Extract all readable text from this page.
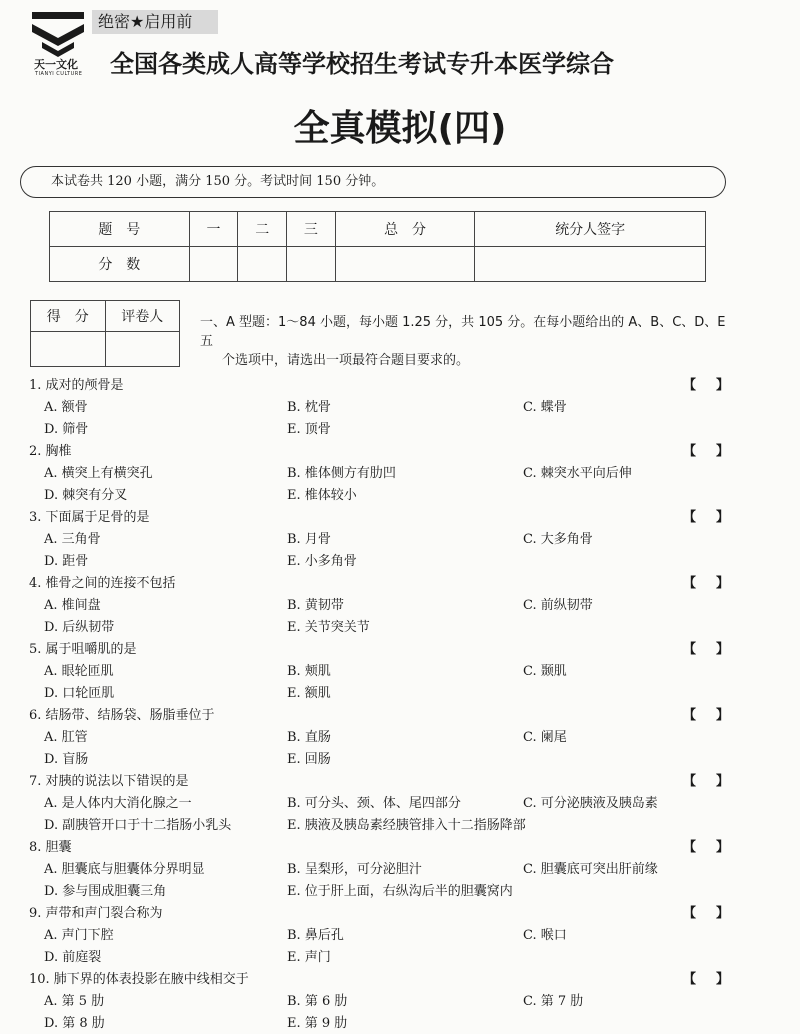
天一文化
TIANYI CULTURE
绝密★启用前
全国各类成人高等学校招生考试专升本医学综合
全真模拟(四)
本试卷共 120 小题，满分 150 分。考试时间 150 分钟。
题　号	一	二	三	总　分	统分人签字
分　数					
得　分	评卷人
		一、A 型题：1～84 小题，每小题 1.25 分，共 105 分。在每小题给出的 A、B、C、D、E 五
个选项中，请选出一项最符合题目要求的。
1. 成对的颅骨是	【 】
A. 额骨	B. 枕骨	C. 蝶骨
D. 筛骨	E. 顶骨
2. 胸椎	【 】
A. 横突上有横突孔	B. 椎体侧方有肋凹	C. 棘突水平向后伸
D. 棘突有分叉	E. 椎体较小
3. 下面属于足骨的是	【 】
A. 三角骨	B. 月骨	C. 大多角骨
D. 距骨	E. 小多角骨
4. 椎骨之间的连接不包括	【 】
A. 椎间盘	B. 黄韧带	C. 前纵韧带
D. 后纵韧带	E. 关节突关节
5. 属于咀嚼肌的是	【 】
A. 眼轮匝肌	B. 颊肌	C. 颞肌
D. 口轮匝肌	E. 额肌
6. 结肠带、结肠袋、肠脂垂位于	【 】
A. 肛管	B. 直肠	C. 阑尾
D. 盲肠	E. 回肠
7. 对胰的说法以下错误的是	【 】
A. 是人体内大消化腺之一	B. 可分头、颈、体、尾四部分	C. 可分泌胰液及胰岛素
D. 副胰管开口于十二指肠小乳头	E. 胰液及胰岛素经胰管排入十二指肠降部
8. 胆囊	【 】
A. 胆囊底与胆囊体分界明显	B. 呈梨形，可分泌胆汁	C. 胆囊底可突出肝前缘
D. 参与围成胆囊三角	E. 位于肝上面，右纵沟后半的胆囊窝内
9. 声带和声门裂合称为	【 】
A. 声门下腔	B. 鼻后孔	C. 喉口
D. 前庭裂	E. 声门
10. 肺下界的体表投影在腋中线相交于	【 】
A. 第 5 肋	B. 第 6 肋	C. 第 7 肋
D. 第 8 肋	E. 第 9 肋
